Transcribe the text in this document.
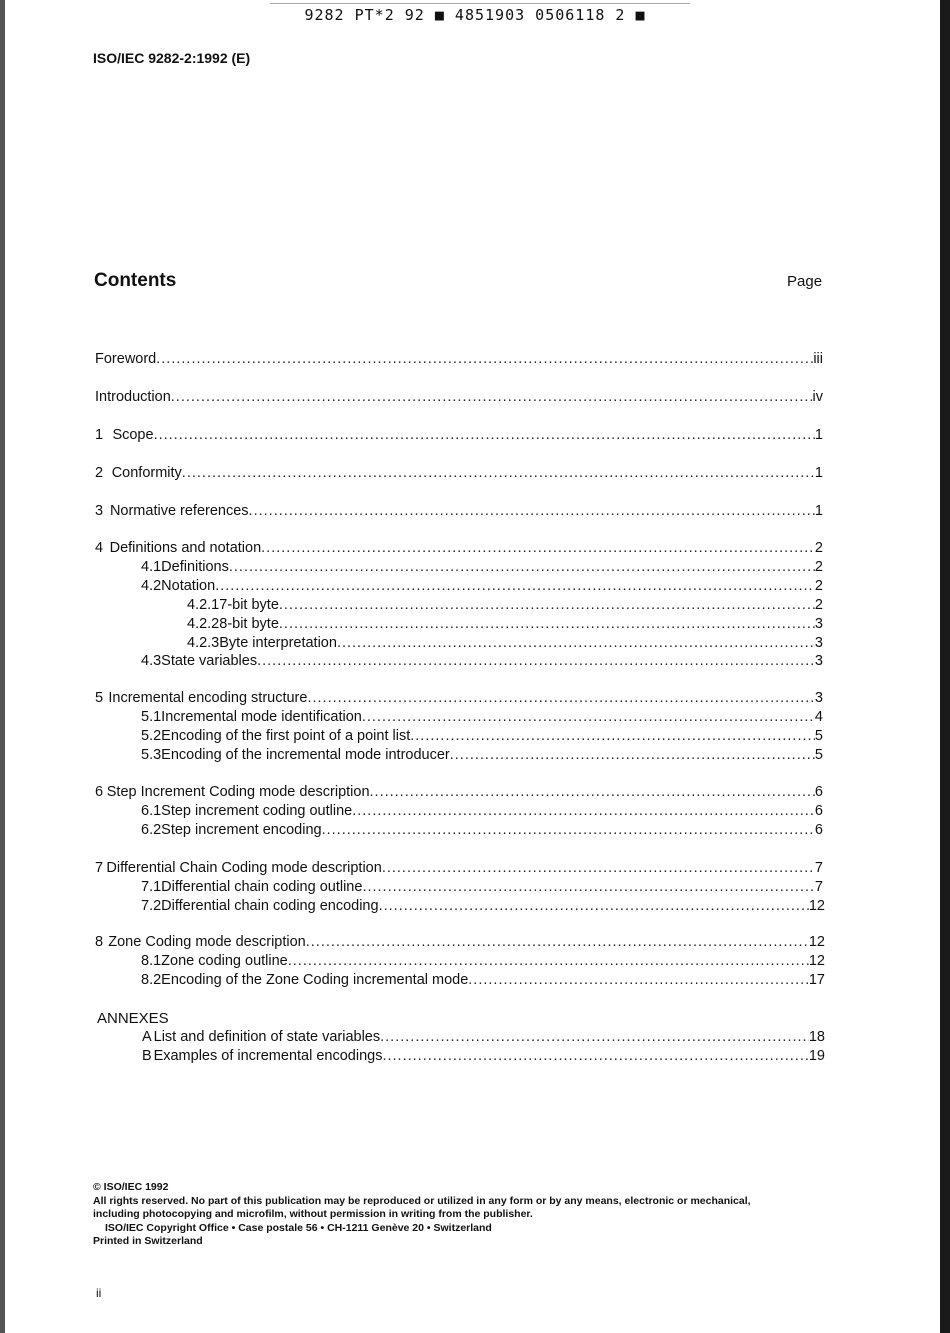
9282 PT*2 92 ■ 4851903 0506118 2 ■
ISO/IEC 9282-2:1992 (E)
Contents	Page
Foreword .....	iii
Introduction .....	iv
1 Scope .....	1
2 Conformity .....	1
3 Normative references .....	1
4 Definitions and notation .....	2
4.1 Definitions .....	2
4.2 Notation .....	2
4.2.1 7-bit byte .....	2
4.2.2 8-bit byte .....	3
4.2.3 Byte interpretation .....	3
4.3 State variables .....	3
5 Incremental encoding structure .....	3
5.1 Incremental mode identification .....	4
5.2 Encoding of the first point of a point list .....	5
5.3 Encoding of the incremental mode introducer .....	5
6 Step Increment Coding mode description .....	6
6.1 Step increment coding outline .....	6
6.2 Step increment encoding .....	6
7 Differential Chain Coding mode description .....	7
7.1 Differential chain coding outline .....	7
7.2 Differential chain coding encoding .....	12
8 Zone Coding mode description .....	12
8.1 Zone coding outline .....	12
8.2 Encoding of the Zone Coding incremental mode .....	17
ANNEXES
A List and definition of state variables .....	18
B Examples of incremental encodings .....	19
© ISO/IEC 1992
All rights reserved. No part of this publication may be reproduced or utilized in any form or by any means, electronic or mechanical,
including photocopying and microfilm, without permission in writing from the publisher.
ISO/IEC Copyright Office • Case postale 56 • CH-1211 Genève 20 • Switzerland
Printed in Switzerland
ii
